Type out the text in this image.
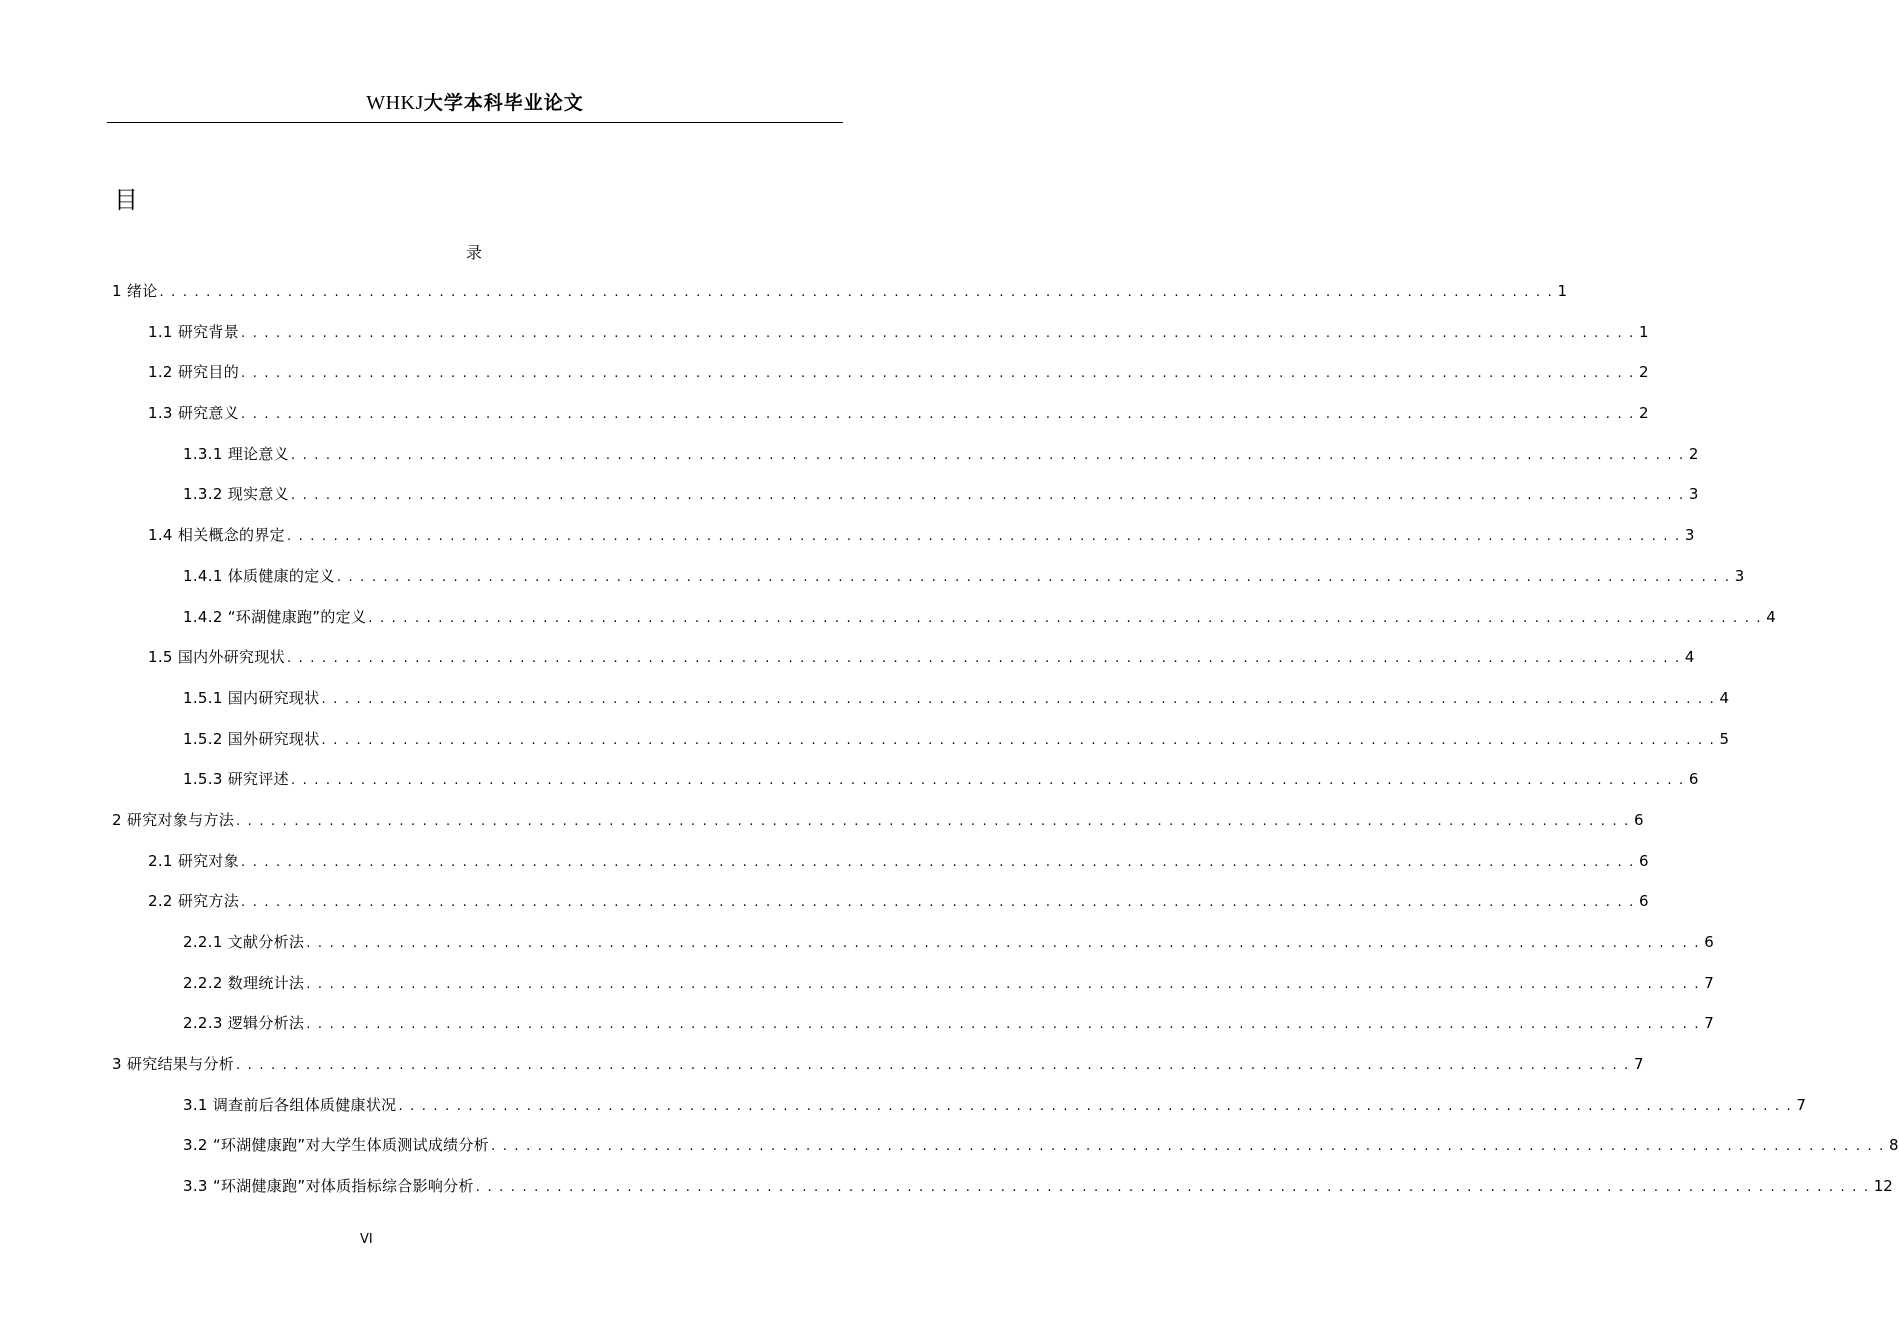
WHKJ大学本科毕业论文
目
录
1 绪论 . . . . . . . . . . . . . . . . . . . . . . . . . . . . . . . . . . . . . . . . . . . . . . . . . . . . . . . . . . . . . . . . . . . . . . . . . . . . . . . . . . . . . . . . . . . . . . . . . . . . . . . . . . . . . . . . . . . . . . . . 1
1.1 研究背景 . . . . . . . . . . . . . . . . . . . . . . . . . . . . . . . . . . . . . . . . . . . . . . . . . . . . . . . . . . . . . . . . . . . . . . . . . . . . . . . . . . . . . . . . . . . . . . . . . . . . . . . . . . . . . . . . . . . . . . . . 1
1.2 研究目的 . . . . . . . . . . . . . . . . . . . . . . . . . . . . . . . . . . . . . . . . . . . . . . . . . . . . . . . . . . . . . . . . . . . . . . . . . . . . . . . . . . . . . . . . . . . . . . . . . . . . . . . . . . . . . . . . . . . . . . . . 2
1.3 研究意义 . . . . . . . . . . . . . . . . . . . . . . . . . . . . . . . . . . . . . . . . . . . . . . . . . . . . . . . . . . . . . . . . . . . . . . . . . . . . . . . . . . . . . . . . . . . . . . . . . . . . . . . . . . . . . . . . . . . . . . . . 2
1.3.1 理论意义 . . . . . . . . . . . . . . . . . . . . . . . . . . . . . . . . . . . . . . . . . . . . . . . . . . . . . . . . . . . . . . . . . . . . . . . . . . . . . . . . . . . . . . . . . . . . . . . . . . . . . . . . . . . . . . . . . . . . . . . . 2
1.3.2 现实意义 . . . . . . . . . . . . . . . . . . . . . . . . . . . . . . . . . . . . . . . . . . . . . . . . . . . . . . . . . . . . . . . . . . . . . . . . . . . . . . . . . . . . . . . . . . . . . . . . . . . . . . . . . . . . . . . . . . . . . . . . 3
1.4 相关概念的界定 . . . . . . . . . . . . . . . . . . . . . . . . . . . . . . . . . . . . . . . . . . . . . . . . . . . . . . . . . . . . . . . . . . . . . . . . . . . . . . . . . . . . . . . . . . . . . . . . . . . . . . . . . . . . . . . . . . . . . . . . 3
1.4.1 体质健康的定义 . . . . . . . . . . . . . . . . . . . . . . . . . . . . . . . . . . . . . . . . . . . . . . . . . . . . . . . . . . . . . . . . . . . . . . . . . . . . . . . . . . . . . . . . . . . . . . . . . . . . . . . . . . . . . . . . . . . . . . . . 3
1.4.2 “环湖健康跑”的定义 . . . . . . . . . . . . . . . . . . . . . . . . . . . . . . . . . . . . . . . . . . . . . . . . . . . . . . . . . . . . . . . . . . . . . . . . . . . . . . . . . . . . . . . . . . . . . . . . . . . . . . . . . . . . . . . . . . . . . . . . 4
1.5 国内外研究现状 . . . . . . . . . . . . . . . . . . . . . . . . . . . . . . . . . . . . . . . . . . . . . . . . . . . . . . . . . . . . . . . . . . . . . . . . . . . . . . . . . . . . . . . . . . . . . . . . . . . . . . . . . . . . . . . . . . . . . . . . 4
1.5.1 国内研究现状 . . . . . . . . . . . . . . . . . . . . . . . . . . . . . . . . . . . . . . . . . . . . . . . . . . . . . . . . . . . . . . . . . . . . . . . . . . . . . . . . . . . . . . . . . . . . . . . . . . . . . . . . . . . . . . . . . . . . . . . . 4
1.5.2 国外研究现状 . . . . . . . . . . . . . . . . . . . . . . . . . . . . . . . . . . . . . . . . . . . . . . . . . . . . . . . . . . . . . . . . . . . . . . . . . . . . . . . . . . . . . . . . . . . . . . . . . . . . . . . . . . . . . . . . . . . . . . . . 5
1.5.3 研究评述 . . . . . . . . . . . . . . . . . . . . . . . . . . . . . . . . . . . . . . . . . . . . . . . . . . . . . . . . . . . . . . . . . . . . . . . . . . . . . . . . . . . . . . . . . . . . . . . . . . . . . . . . . . . . . . . . . . . . . . . . 6
2 研究对象与方法 . . . . . . . . . . . . . . . . . . . . . . . . . . . . . . . . . . . . . . . . . . . . . . . . . . . . . . . . . . . . . . . . . . . . . . . . . . . . . . . . . . . . . . . . . . . . . . . . . . . . . . . . . . . . . . . . . . . . . . . . 6
2.1 研究对象 . . . . . . . . . . . . . . . . . . . . . . . . . . . . . . . . . . . . . . . . . . . . . . . . . . . . . . . . . . . . . . . . . . . . . . . . . . . . . . . . . . . . . . . . . . . . . . . . . . . . . . . . . . . . . . . . . . . . . . . . 6
2.2 研究方法 . . . . . . . . . . . . . . . . . . . . . . . . . . . . . . . . . . . . . . . . . . . . . . . . . . . . . . . . . . . . . . . . . . . . . . . . . . . . . . . . . . . . . . . . . . . . . . . . . . . . . . . . . . . . . . . . . . . . . . . . 6
2.2.1 文献分析法 . . . . . . . . . . . . . . . . . . . . . . . . . . . . . . . . . . . . . . . . . . . . . . . . . . . . . . . . . . . . . . . . . . . . . . . . . . . . . . . . . . . . . . . . . . . . . . . . . . . . . . . . . . . . . . . . . . . . . . . . 6
2.2.2 数理统计法 . . . . . . . . . . . . . . . . . . . . . . . . . . . . . . . . . . . . . . . . . . . . . . . . . . . . . . . . . . . . . . . . . . . . . . . . . . . . . . . . . . . . . . . . . . . . . . . . . . . . . . . . . . . . . . . . . . . . . . . . 7
2.2.3 逻辑分析法 . . . . . . . . . . . . . . . . . . . . . . . . . . . . . . . . . . . . . . . . . . . . . . . . . . . . . . . . . . . . . . . . . . . . . . . . . . . . . . . . . . . . . . . . . . . . . . . . . . . . . . . . . . . . . . . . . . . . . . . . 7
3 研究结果与分析 . . . . . . . . . . . . . . . . . . . . . . . . . . . . . . . . . . . . . . . . . . . . . . . . . . . . . . . . . . . . . . . . . . . . . . . . . . . . . . . . . . . . . . . . . . . . . . . . . . . . . . . . . . . . . . . . . . . . . . . . 7
3.1 调查前后各组体质健康状况 . . . . . . . . . . . . . . . . . . . . . . . . . . . . . . . . . . . . . . . . . . . . . . . . . . . . . . . . . . . . . . . . . . . . . . . . . . . . . . . . . . . . . . . . . . . . . . . . . . . . . . . . . . . . . . . . . . . . . . . . 7
3.2 “环湖健康跑”对大学生体质测试成绩分析 . . . . . . . . . . . . . . . . . . . . . . . . . . . . . . . . . . . . . . . . . . . . . . . . . . . . . . . . . . . . . . . . . . . . . . . . . . . . . . . . . . . . . . . . . . . . . . . . . . . . . . . . . . . . . . . . . . . . . . . . 8
3.3 “环湖健康跑”对体质指标综合影响分析 . . . . . . . . . . . . . . . . . . . . . . . . . . . . . . . . . . . . . . . . . . . . . . . . . . . . . . . . . . . . . . . . . . . . . . . . . . . . . . . . . . . . . . . . . . . . . . . . . . . . . . . . . . . . . . . . . . . . . . . . 12
VI
